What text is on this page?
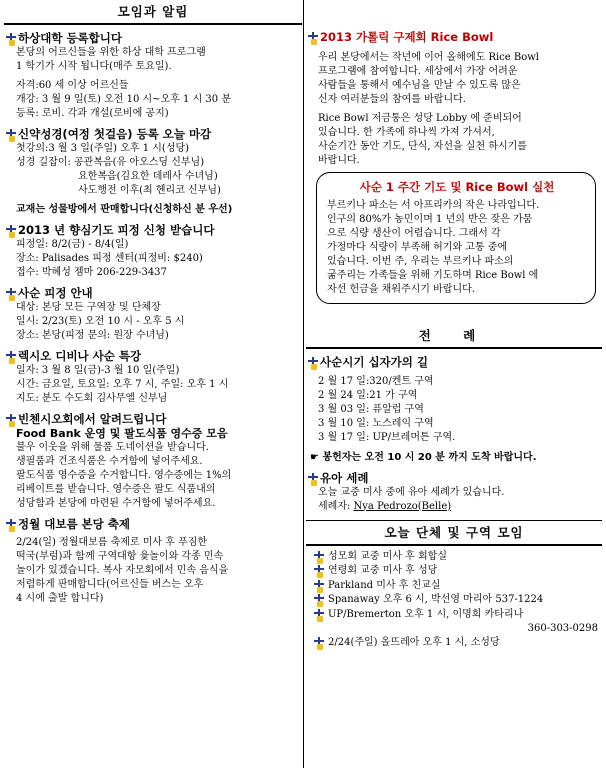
모임과 알림
하상대학 등록합니다

본당의 어르신들을 위한 하상 대학 프로그램

1 학기가 시작 됩니다(매주 토요일).

자격:60 세 이상 어르신들

개강: 3 월 9 일(토) 오전 10 시~오후 1 시 30 분

등록: 로비. 각과 개설(로비에 공지)

신약성경(여정 첫걸음) 등록 오늘 마감

첫강의:3 월 3 일(주일) 오후 1 시(성당)

성경 길잡이: 공관복음(유 아오스딩 신부님)

요한복음(김요한 데레사 수녀님)

사도행전 이후(최 헨리코 신부님)

교재는 성물방에서 판매합니다(신청하신 분 우선)

2013 년 향심기도 피정 신청 받습니다

피정일: 8/2(금) - 8/4(일)

장소: Palisades 피정 센터(피정비: $240)

접수: 박혜성 젬마 206-229-3437

사순 피정 안내

대상: 본당 모든 구역장 및 단체장

일시: 2/23(토) 오전 10 시 - 오후 5 시

장소: 본당(피정 문의: 원장 수녀님)

렉시오 디비나 사순 특강

일자: 3 월 8 일(금)-3 월 10 일(주일)

시간: 금요일, 토요일: 오후 7 시, 주일: 오후 1 시

지도: 분도 수도회 김사무엘 신부님

빈첸시오회에서 알려드립니다

Food Bank 운영 및 팔도식품 영수증 모음

불우 이웃을 위해 물품 도네이션을 받습니다.

생필품과 건조식품은 수거함에 넣어주세요.

팔도식품 영수증을 수거합니다. 영수증에는 1%의

리베이트를 받습니다. 영수증은 팔도 식품내의

성당함과 본당에 마련된 수거함에 넣어주세요.

정월 대보름 본당 축제

2/24(일) 정월대보름 축제로 미사 후 푸짐한

떡국(부럼)과 함께 구역대항 윷놀이와 각종 민속

놀이가 있겠습니다. 복사 자모회에서 민속 음식을

저렴하게 판매합니다(어르신들 버스는 오후

4 시에 출발 합니다)

2013 가톨릭 구제회 Rice Bowl

우리 본당에서는 작년에 이어 올해에도 Rice Bowl

프로그램에 참여합니다. 세상에서 가장 어려운

사람들을 통해서 예수님을 만날 수 있도록 많은

신자 여러분들의 참여를 바랍니다.

Rice Bowl 저금통은 성당 Lobby 에 준비되어

있습니다. 한 가족에 하나씩 가져 가셔서,

사순기간 동안 기도, 단식, 자선을 실천 하시기를

바랍니다.

사순 1 주간 기도 및 Rice Bowl 실천

부르키나 파소는 서 아프리카의 작은 나라입니다.

인구의 80%가 농민이며 1 년의 반은 잦은 가뭄

으로 식량 생산이 어렵습니다. 그래서 각

가정마다 식량이 부족해 허기와 고통 중에

있습니다. 이번 주, 우리는 부르키나 파소의

굶주리는 가족들을 위해 기도하며 Rice Bowl 에

자선 헌금을 채워주시기 바랍니다.

전 례
사순시기 십자가의 길

2 월 17 일:320/켄트 구역

2 월 24 일:21 가 구역

3 월 03 일: 퓨알럽 구역

3 월 10 일: 노스레익 구역

3 월 17 일: UP/브레머튼 구역.

☛ 봉헌자는 오전 10 시 20 분 까지 도착 바랍니다.
유아 세례

오늘 교중 미사 중에 유아 세례가 있습니다.

세례자: Nya Pedrozo(Belle)

오늘 단체 및 구역 모임
성모회 교중 미사 후 회합실
연령회 교중 미사 후 성당
Parkland 미사 후 친교실
Spanaway 오후 6 시, 박선영 마리아 537-1224
UP/Bremerton 오후 1 시, 이명희 카타리나
360-303-0298
2/24(주일) 올뜨레아 오후 1 시, 소성당
